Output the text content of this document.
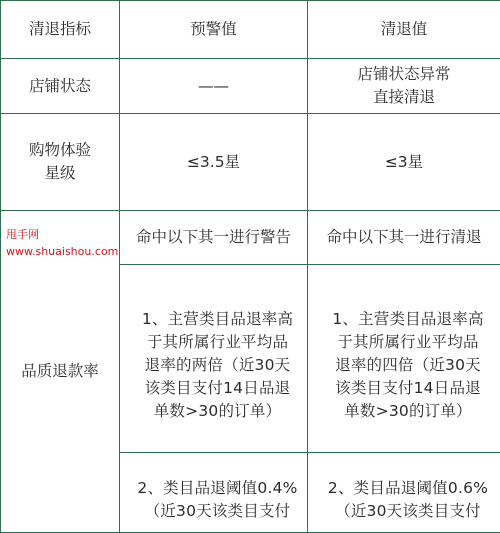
清退指标	预警值	清退值
店铺状态	——	店铺状态异常
直接清退

购物体验
星级	≤3.5星	≤3星
品质退款率	命中以下其一进行警告	命中以下其一进行清退

	1、主营类目品退率高
于其所属行业平均品
退率的两倍（近30天
该类目支付14日品退
单数>30的订单）	1、主营类目品退率高
于其所属行业平均品
退率的四倍（近30天
该类目支付14日品退
单数>30的订单）

	2、类目品退阈值0.4%
（近30天该类目支付	2、类目品退阈值0.6%
（近30天该类目支付
甩手网
www.shuaishou.com
